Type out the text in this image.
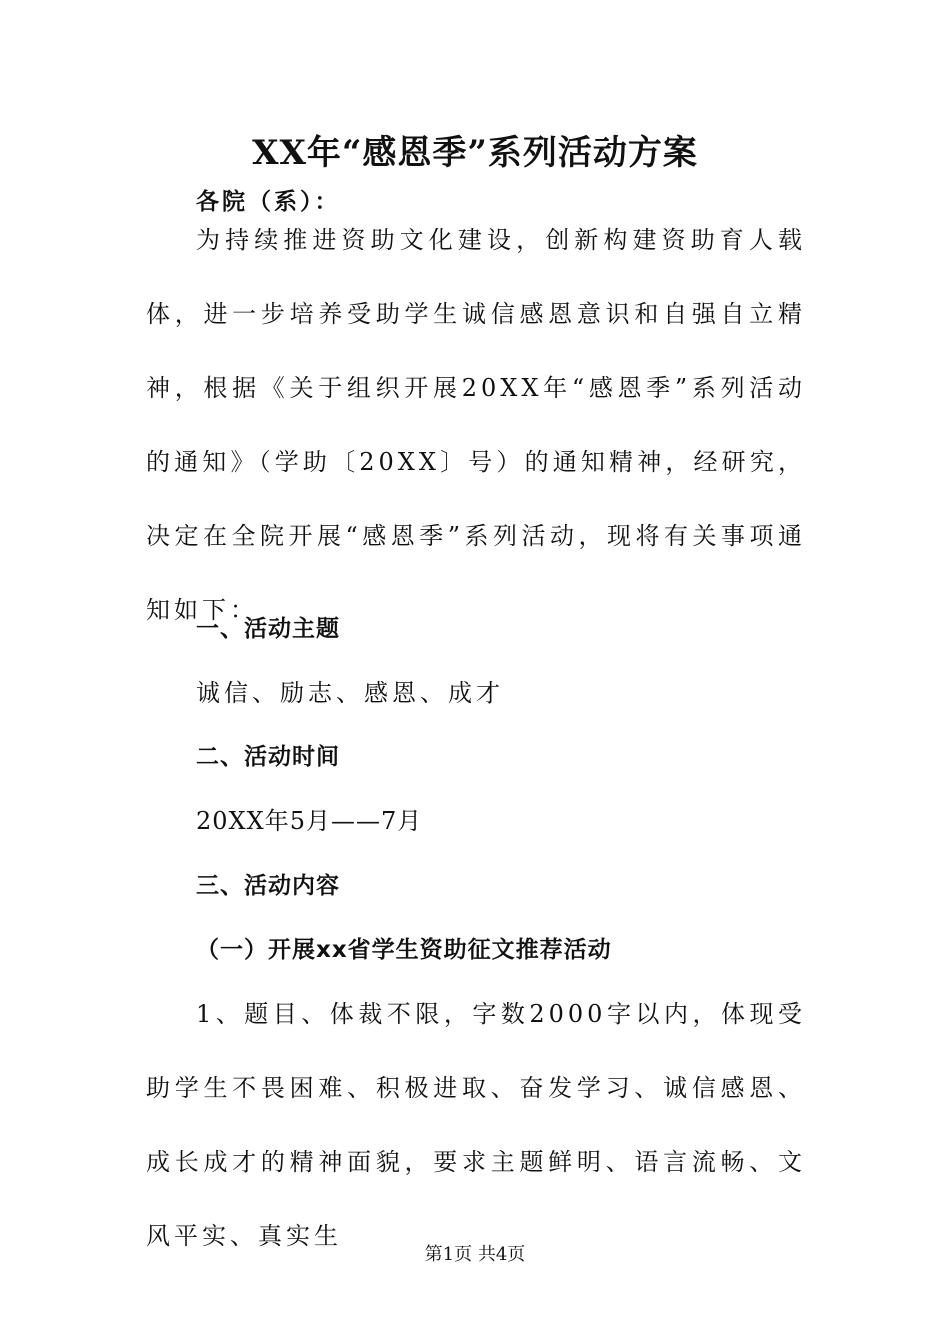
XX年“感恩季”系列活动方案
各院（系）：

为持续推进资助文化建设，创新构建资助育人载体，进一步培养受助学生诚信感恩意识和自强自立精神，根据《关于组织开展20XX年“感恩季”系列活动的通知》（学助〔20XX〕号）的通知精神，经研究，决定在全院开展“感恩季”系列活动，现将有关事项通知如下：

一、活动主题
诚信、励志、感恩、成才
二、活动时间
20XX年5月——7月
三、活动内容
（一）开展xx省学生资助征文推荐活动

1、题目、体裁不限，字数2000字以内，体现受助学生不畏困难、积极进取、奋发学习、诚信感恩、成长成才的精神面貌，要求主题鲜明、语言流畅、文风平实、真实生

第1页 共4页
